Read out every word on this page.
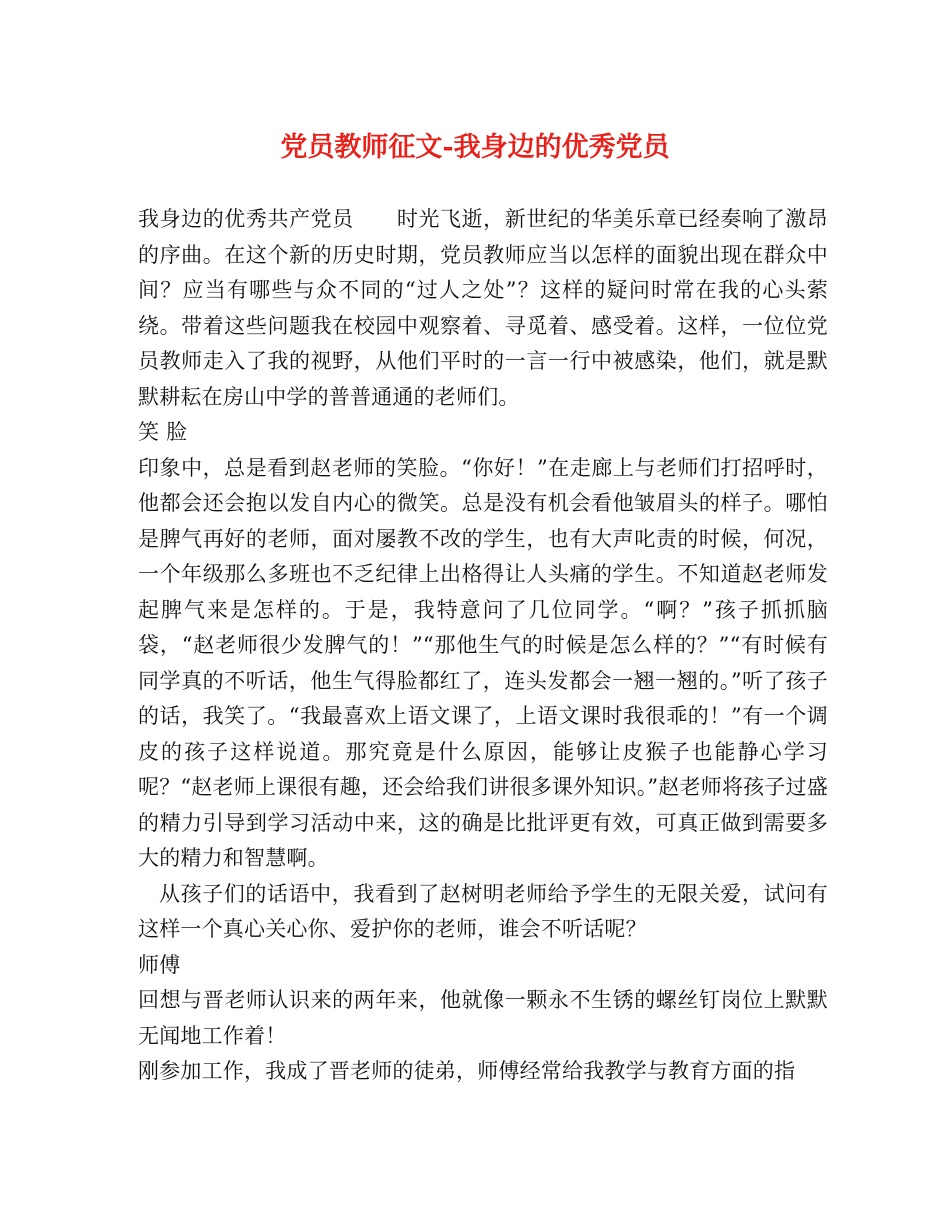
党员教师征文-我身边的优秀党员

我身边的优秀共产党员　　时光飞逝，新世纪的华美乐章已经奏响了激昂的序曲。在这个新的历史时期，党员教师应当以怎样的面貌出现在群众中间？应当有哪些与众不同的“过人之处”？这样的疑问时常在我的心头萦绕。带着这些问题我在校园中观察着、寻觅着、感受着。这样，一位位党员教师走入了我的视野，从他们平时的一言一行中被感染，他们，就是默默耕耘在房山中学的普普通通的老师们。

笑 脸

印象中，总是看到赵老师的笑脸。“你好！”在走廊上与老师们打招呼时，他都会还会抱以发自内心的微笑。总是没有机会看他皱眉头的样子。哪怕是脾气再好的老师，面对屡教不改的学生，也有大声叱责的时候，何况，一个年级那么多班也不乏纪律上出格得让人头痛的学生。不知道赵老师发起脾气来是怎样的。于是，我特意问了几位同学。“啊？”孩子抓抓脑袋，“赵老师很少发脾气的！”“那他生气的时候是怎么样的？”“有时候有同学真的不听话，他生气得脸都红了，连头发都会一翘一翘的。”听了孩子的话，我笑了。“我最喜欢上语文课了，上语文课时我很乖的！”有一个调皮的孩子这样说道。那究竟是什么原因，能够让皮猴子也能静心学习呢？“赵老师上课很有趣，还会给我们讲很多课外知识。”赵老师将孩子过盛的精力引导到学习活动中来，这的确是比批评更有效，可真正做到需要多大的精力和智慧啊。

从孩子们的话语中，我看到了赵树明老师给予学生的无限关爱，试问有这样一个真心关心你、爱护你的老师，谁会不听话呢？

师傅

回想与晋老师认识来的两年来，他就像一颗永不生锈的螺丝钉岗位上默默无闻地工作着！

刚参加工作，我成了晋老师的徒弟，师傅经常给我教学与教育方面的指
